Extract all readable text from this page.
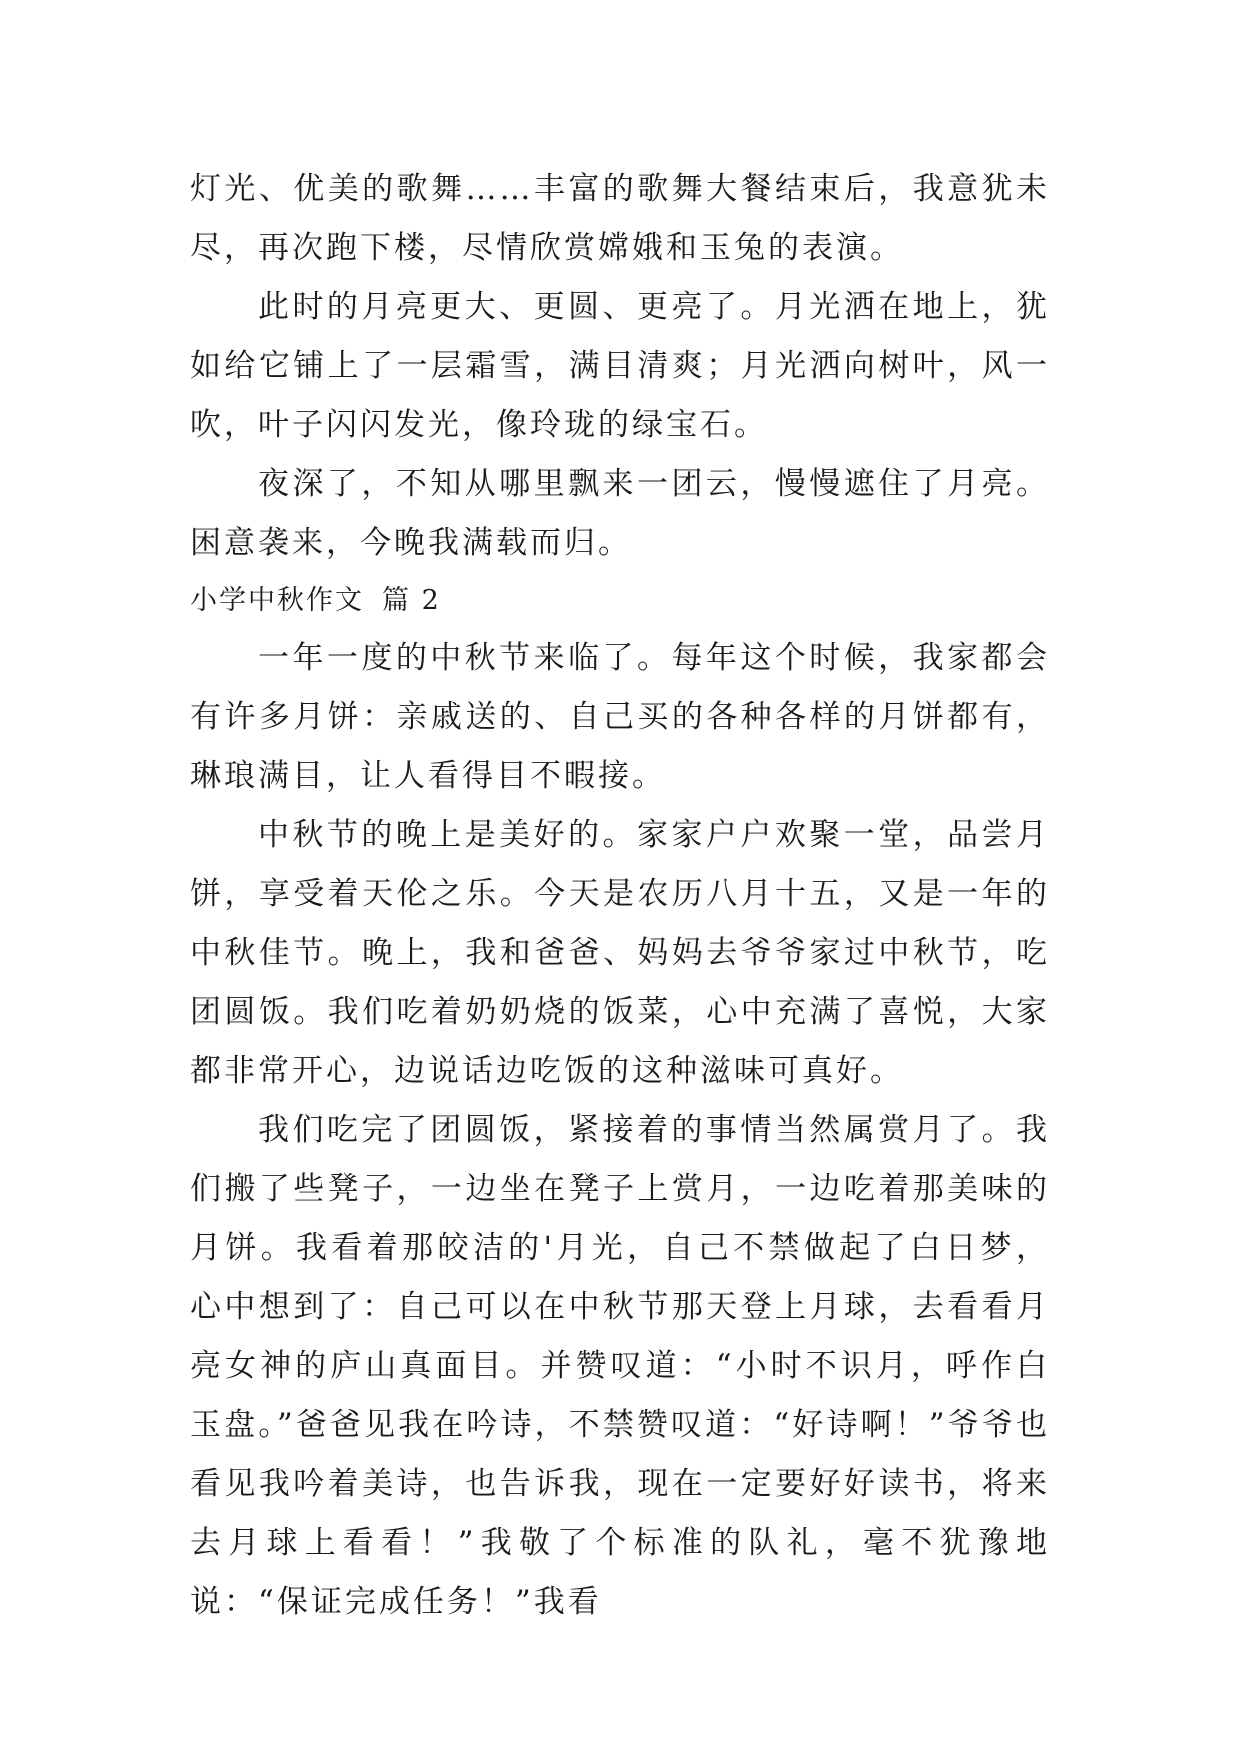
灯光、优美的歌舞……丰富的歌舞大餐结束后，我意犹未尽，再次跑下楼，尽情欣赏嫦娥和玉兔的表演。

此时的月亮更大、更圆、更亮了。月光洒在地上，犹如给它铺上了一层霜雪，满目清爽；月光洒向树叶，风一吹，叶子闪闪发光，像玲珑的绿宝石。

夜深了，不知从哪里飘来一团云，慢慢遮住了月亮。困意袭来，今晚我满载而归。

小学中秋作文 篇 2

一年一度的中秋节来临了。每年这个时候，我家都会有许多月饼：亲戚送的、自己买的各种各样的月饼都有，琳琅满目，让人看得目不暇接。

中秋节的晚上是美好的。家家户户欢聚一堂，品尝月饼，享受着天伦之乐。今天是农历八月十五，又是一年的中秋佳节。晚上，我和爸爸、妈妈去爷爷家过中秋节，吃团圆饭。我们吃着奶奶烧的饭菜，心中充满了喜悦，大家都非常开心，边说话边吃饭的这种滋味可真好。

我们吃完了团圆饭，紧接着的事情当然属赏月了。我们搬了些凳子，一边坐在凳子上赏月，一边吃着那美味的月饼。我看着那皎洁的'月光，自己不禁做起了白日梦，心中想到了：自己可以在中秋节那天登上月球，去看看月亮女神的庐山真面目。并赞叹道：“小时不识月，呼作白玉盘。”爸爸见我在吟诗，不禁赞叹道：“好诗啊！”爷爷也看见我吟着美诗，也告诉我，现在一定要好好读书，将来去月球上看看！”我敬了个标准的队礼，毫不犹豫地说：“保证完成任务！”我看
